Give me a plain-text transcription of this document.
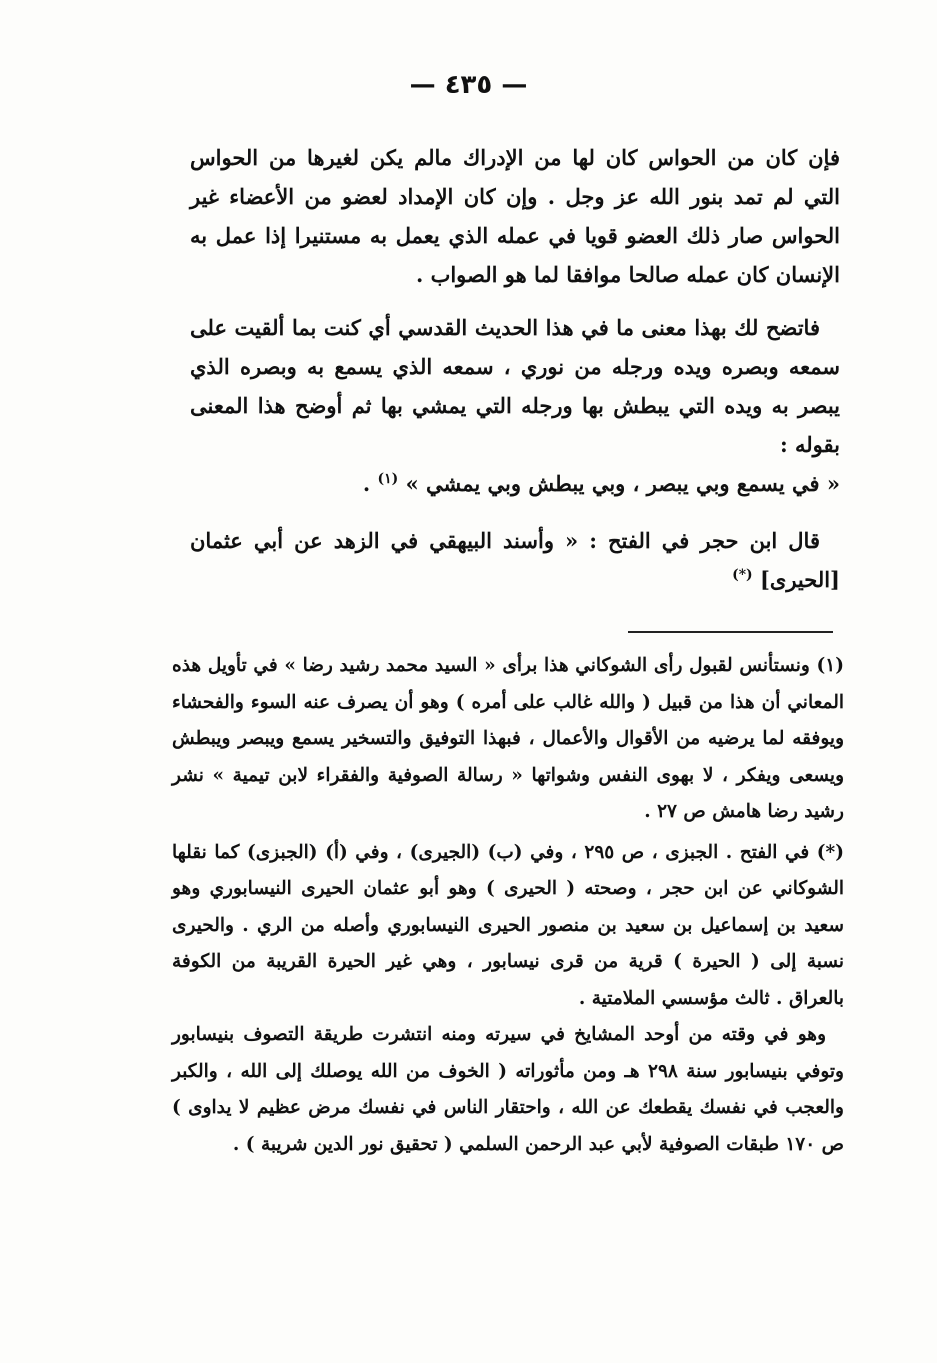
— ٤٣٥ —

فإن كان من الحواس كان لها من الإدراك مالم يكن لغيرها من الحواس التي لم تمد بنور الله عز وجل . وإن كان الإمداد لعضو من الأعضاء غير الحواس صار ذلك العضو قويا في عمله الذي يعمل به مستنيرا إذا عمل به الإنسان كان عمله صالحا موافقا لما هو الصواب .

فاتضح لك بهذا معنى ما في هذا الحديث القدسي أي كنت بما ألقيت على سمعه وبصره ويده ورجله من نوري ، سمعه الذي يسمع به وبصره الذي يبصر به ويده التي يبطش بها ورجله التي يمشي بها ثم أوضح هذا المعنى بقوله :

« في يسمع وبي يبصر ، وبي يبطش وبي يمشي » $^{(١)}$ .

قال ابن حجر في الفتح : « وأسند البيهقي في الزهد عن أبي عثمان [الحيرى] (*)

(١) ونستأنس لقبول رأى الشوكاني هذا برأى « السيد محمد رشيد رضا » في تأويل هذه المعاني أن هذا من قبيل ( والله غالب على أمره ) وهو أن يصرف عنه السوء والفحشاء ويوفقه لما يرضيه من الأقوال والأعمال ، فبهذا التوفيق والتسخير يسمع ويبصر ويبطش ويسعى ويفكر ، لا بهوى النفس وشواتها « رسالة الصوفية والفقراء لابن تيمية » نشر رشيد رضا هامش ص ٢٧ .

(*) في الفتح . الجبزى ، ص ٢٩٥ ، وفي (ب) (الجيرى) ، وفي (أ) (الجبزى) كما نقلها الشوكاني عن ابن حجر ، وصحته ( الحيرى ) وهو أبو عثمان الحيرى النيسابوري وهو سعيد بن إسماعيل بن سعيد بن منصور الحيرى النيسابوري وأصله من الري . والحيرى نسبة إلى ( الحيرة ) قرية من قرى نيسابور ، وهي غير الحيرة القريبة من الكوفة بالعراق . ثالث مؤسسي الملامتية .

وهو في وقته من أوحد المشايخ في سيرته ومنه انتشرت طريقة التصوف بنيسابور وتوفي بنيسابور سنة ٢٩٨ هـ ومن مأثوراته ( الخوف من الله يوصلك إلى الله ، والكبر والعجب في نفسك يقطعك عن الله ، واحتقار الناس في نفسك مرض عظيم لا يداوى ) ص ١٧٠ طبقات الصوفية لأبي عبد الرحمن السلمي ( تحقيق نور الدين شريبة ) .
